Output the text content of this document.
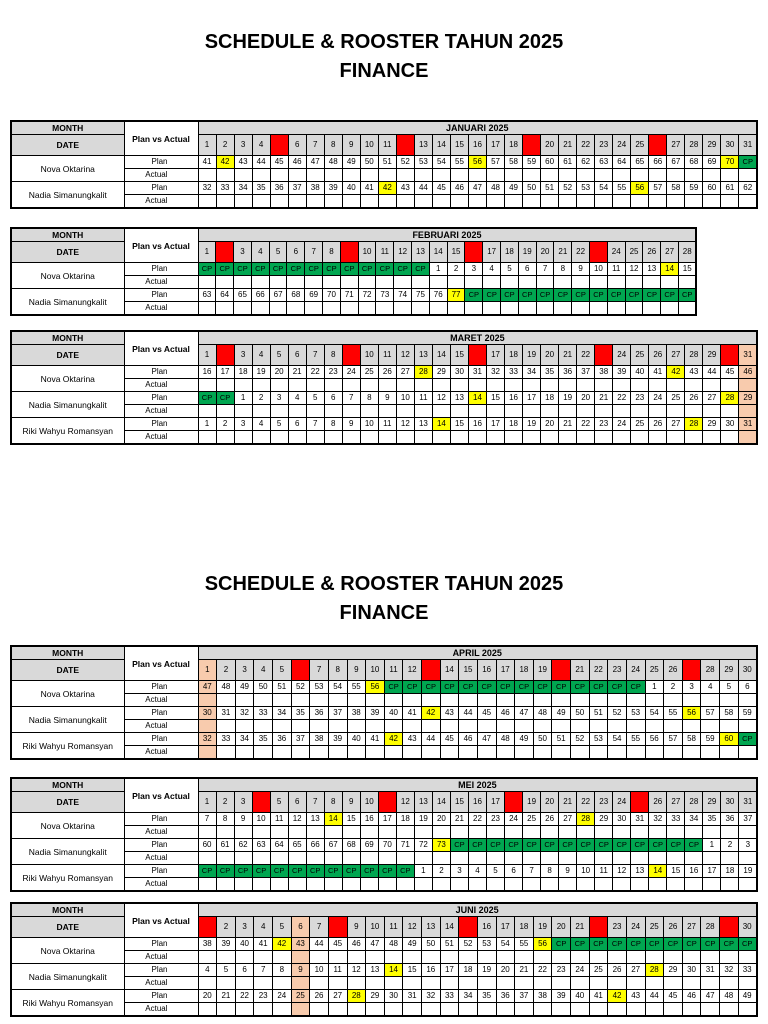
SCHEDULE & ROOSTER TAHUN 2025
FINANCE
SCHEDULE & ROOSTER TAHUN 2025
FINANCE
MONTH	Plan vs Actual	JANUARI 2025																														
DATE		1	2	3	4	5	6	7	8	9	10	11	12	13	14	15	16	17	18	19	20	21	22	23	24	25	26	27	28	29	30	31
Nova Oktarina	Plan	41	42	43	44	45	46	47	48	49	50	51	52	53	54	55	56	57	58	59	60	61	62	63	64	65	66	67	68	69	70	CP
	Actual																															
Nadia Simanungkalit	Plan	32	33	34	35	36	37	38	39	40	41	42	43	44	45	46	47	48	49	50	51	52	53	54	55	56	57	58	59	60	61	62
	Actual																															
MONTH	Plan vs Actual	FEBRUARI 2025																											
DATE		1	2	3	4	5	6	7	8	9	10	11	12	13	14	15	16	17	18	19	20	21	22	23	24	25	26	27	28
Nova Oktarina	Plan	CP	CP	CP	CP	CP	CP	CP	CP	CP	CP	CP	CP	CP	1	2	3	4	5	6	7	8	9	10	11	12	13	14	15
	Actual																												
Nadia Simanungkalit	Plan	63	64	65	66	67	68	69	70	71	72	73	74	75	76	77	CP	CP	CP	CP	CP	CP	CP	CP	CP	CP	CP	CP	CP
	Actual																												
MONTH	Plan vs Actual	MARET 2025																														
DATE		1	2	3	4	5	6	7	8	9	10	11	12	13	14	15	16	17	18	19	20	21	22	23	24	25	26	27	28	29	30	31
Nova Oktarina	Plan	16	17	18	19	20	21	22	23	24	25	26	27	28	29	30	31	32	33	34	35	36	37	38	39	40	41	42	43	44	45	46
	Actual																															
Nadia Simanungkalit	Plan	CP	CP	1	2	3	4	5	6	7	8	9	10	11	12	13	14	15	16	17	18	19	20	21	22	23	24	25	26	27	28	29
	Actual																															
Riki Wahyu Romansyan	Plan	1	2	3	4	5	6	7	8	9	10	11	12	13	14	15	16	17	18	19	20	21	22	23	24	25	26	27	28	29	30	31
	Actual																															
MONTH	Plan vs Actual	APRIL 2025																													
DATE		1	2	3	4	5	6	7	8	9	10	11	12	13	14	15	16	17	18	19	20	21	22	23	24	25	26	27	28	29	30
Nova Oktarina	Plan	47	48	49	50	51	52	53	54	55	56	CP	CP	CP	CP	CP	CP	CP	CP	CP	CP	CP	CP	CP	CP	1	2	3	4	5	6
	Actual																														
Nadia Simanungkalit	Plan	30	31	32	33	34	35	36	37	38	39	40	41	42	43	44	45	46	47	48	49	50	51	52	53	54	55	56	57	58	59
	Actual																														
Riki Wahyu Romansyan	Plan	32	33	34	35	36	37	38	39	40	41	42	43	44	45	46	47	48	49	50	51	52	53	54	55	56	57	58	59	60	CP
	Actual																														
MONTH	Plan vs Actual	MEI 2025																														
DATE		1	2	3	4	5	6	7	8	9	10	11	12	13	14	15	16	17	18	19	20	21	22	23	24	25	26	27	28	29	30	31
Nova Oktarina	Plan	7	8	9	10	11	12	13	14	15	16	17	18	19	20	21	22	23	24	25	26	27	28	29	30	31	32	33	34	35	36	37
	Actual																															
Nadia Simanungkalit	Plan	60	61	62	63	64	65	66	67	68	69	70	71	72	73	CP	CP	CP	CP	CP	CP	CP	CP	CP	CP	CP	CP	CP	CP	1	2	3
	Actual																															
Riki Wahyu Romansyan	Plan	CP	CP	CP	CP	CP	CP	CP	CP	CP	CP	CP	CP	1	2	3	4	5	6	7	8	9	10	11	12	13	14	15	16	17	18	19
	Actual																															
MONTH	Plan vs Actual	JUNI 2025																													
DATE		1	2	3	4	5	6	7	8	9	10	11	12	13	14	15	16	17	18	19	20	21	22	23	24	25	26	27	28	29	30
Nova Oktarina	Plan	38	39	40	41	42	43	44	45	46	47	48	49	50	51	52	53	54	55	56	CP	CP	CP	CP	CP	CP	CP	CP	CP	CP	CP
	Actual																														
Nadia Simanungkalit	Plan	4	5	6	7	8	9	10	11	12	13	14	15	16	17	18	19	20	21	22	23	24	25	26	27	28	29	30	31	32	33
	Actual																														
Riki Wahyu Romansyan	Plan	20	21	22	23	24	25	26	27	28	29	30	31	32	33	34	35	36	37	38	39	40	41	42	43	44	45	46	47	48	49
	Actual																														
